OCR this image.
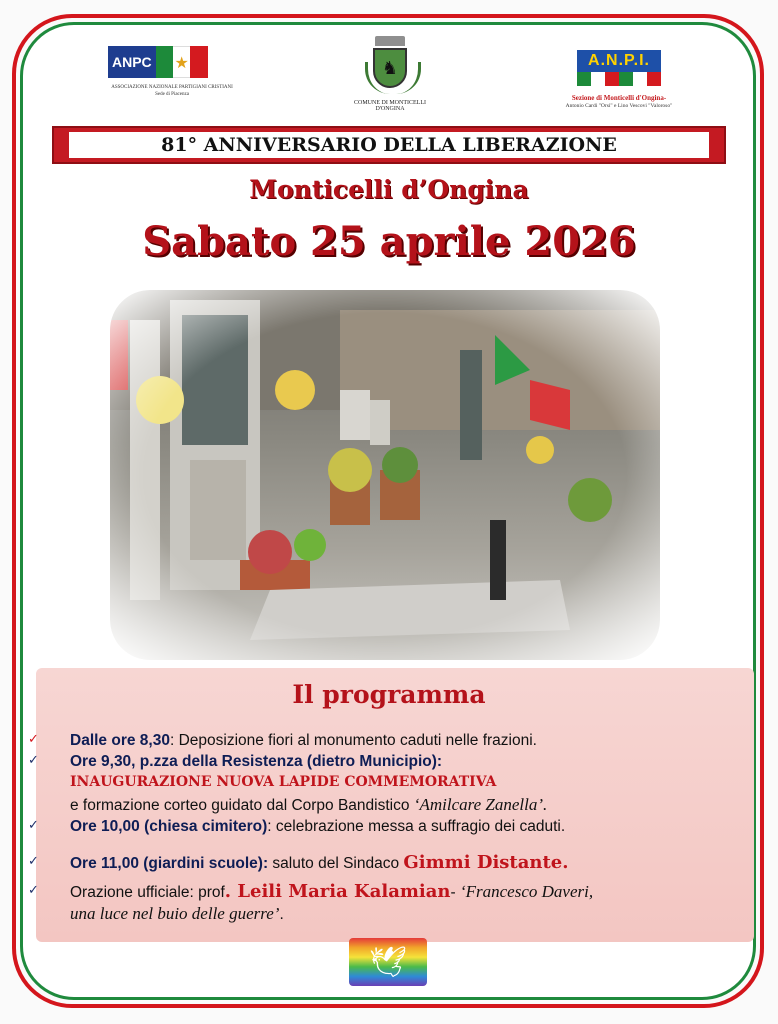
ANPC ★
ASSOCIAZIONE NAZIONALE PARTIGIANI CRISTIANI
Sede di Piacenza
♞
COMUNE DI MONTICELLI D'ONGINA
A.N.P.I.
Sezione di Monticelli d'Ongina-
Antonio Cardi "Orsi" e Lino Vescovi "Valoroso"
81° ANNIVERSARIO DELLA LIBERAZIONE
Monticelli d’Ongina
Sabato 25 aprile 2026
Il programma
✓ Dalle ore 8,30: Deposizione fiori al monumento caduti nelle frazioni.
✓ Ore 9,30, p.zza della Resistenza (dietro Municipio):
INAUGURAZIONE NUOVA LAPIDE COMMEMORATIVA
e formazione corteo guidato dal Corpo Bandistico ‘Amilcare Zanella’.
✓ Ore 10,00 (chiesa cimitero): celebrazione messa a suffragio dei caduti.
✓ Ore 11,00 (giardini scuole): saluto del Sindaco Gimmi Distante.
✓ Orazione ufficiale: prof. Leili Maria Kalamian- ‘Francesco Daveri,
una luce nel buio delle guerre’.
🕊
